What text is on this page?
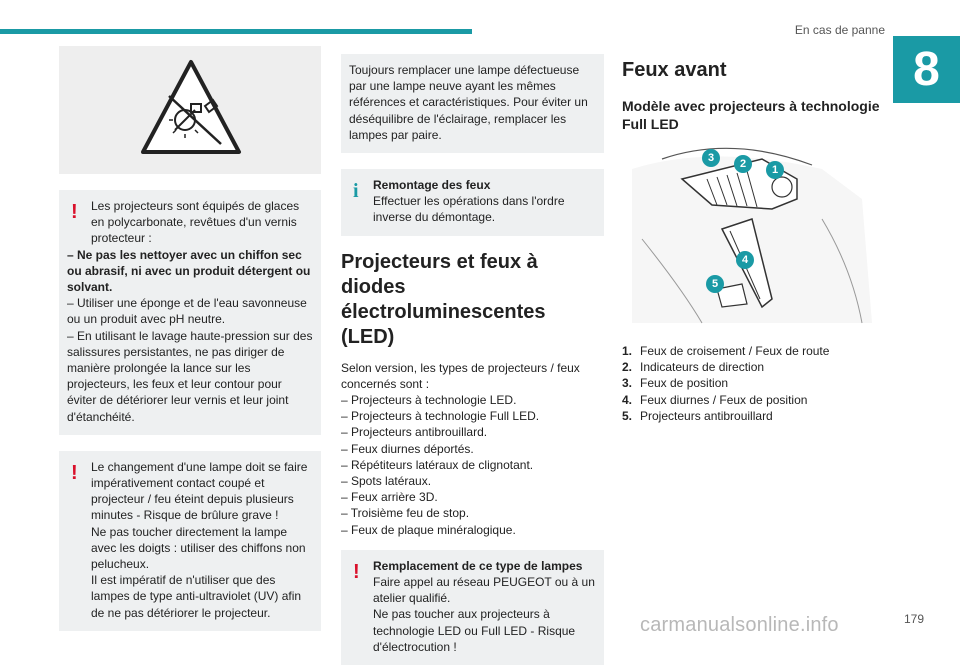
En cas de panne
8
!	Les projecteurs sont équipés de glaces en polycarbonate, revêtues d'un vernis protecteur :
– Ne pas les nettoyer avec un chiffon sec ou abrasif, ni avec un produit détergent ou solvant.
– Utiliser une éponge et de l'eau savonneuse ou un produit avec pH neutre.
– En utilisant le lavage haute-pression sur des salissures persistantes, ne pas diriger de manière prolongée la lance sur les projecteurs, les feux et leur contour pour éviter de détériorer leur vernis et leur joint d'étanchéité.
!	Le changement d'une lampe doit se faire impérativement contact coupé et projecteur / feu éteint depuis plusieurs minutes - Risque de brûlure grave !
Ne pas toucher directement la lampe avec les doigts : utiliser des chiffons non pelucheux.
Il est impératif de n'utiliser que des lampes de type anti-ultraviolet (UV) afin de ne pas détériorer le projecteur.
Toujours remplacer une lampe défectueuse par une lampe neuve ayant les mêmes références et caractéristiques. Pour éviter un déséquilibre de l'éclairage, remplacer les lampes par paire.
i	Remontage des feux
Effectuer les opérations dans l'ordre inverse du démontage.
Projecteurs et feux à diodes électroluminescentes (LED)
Selon version, les types de projecteurs / feux concernés sont :
– Projecteurs à technologie LED.
– Projecteurs à technologie Full LED.
– Projecteurs antibrouillard.
– Feux diurnes déportés.
– Répétiteurs latéraux de clignotant.
– Spots latéraux.
– Feux arrière 3D.
– Troisième feu de stop.
– Feux de plaque minéralogique.
!	Remplacement de ce type de lampes
Faire appel au réseau PEUGEOT ou à un atelier qualifié.
Ne pas toucher aux projecteurs à technologie LED ou Full LED - Risque d'électrocution !
Feux avant
Modèle avec projecteurs à technologie Full LED
3	2	1
4
5
1. Feux de croisement / Feux de route
2. Indicateurs de direction
3. Feux de position
4. Feux diurnes / Feux de position
5. Projecteurs antibrouillard
179
carmanualsonline.info
